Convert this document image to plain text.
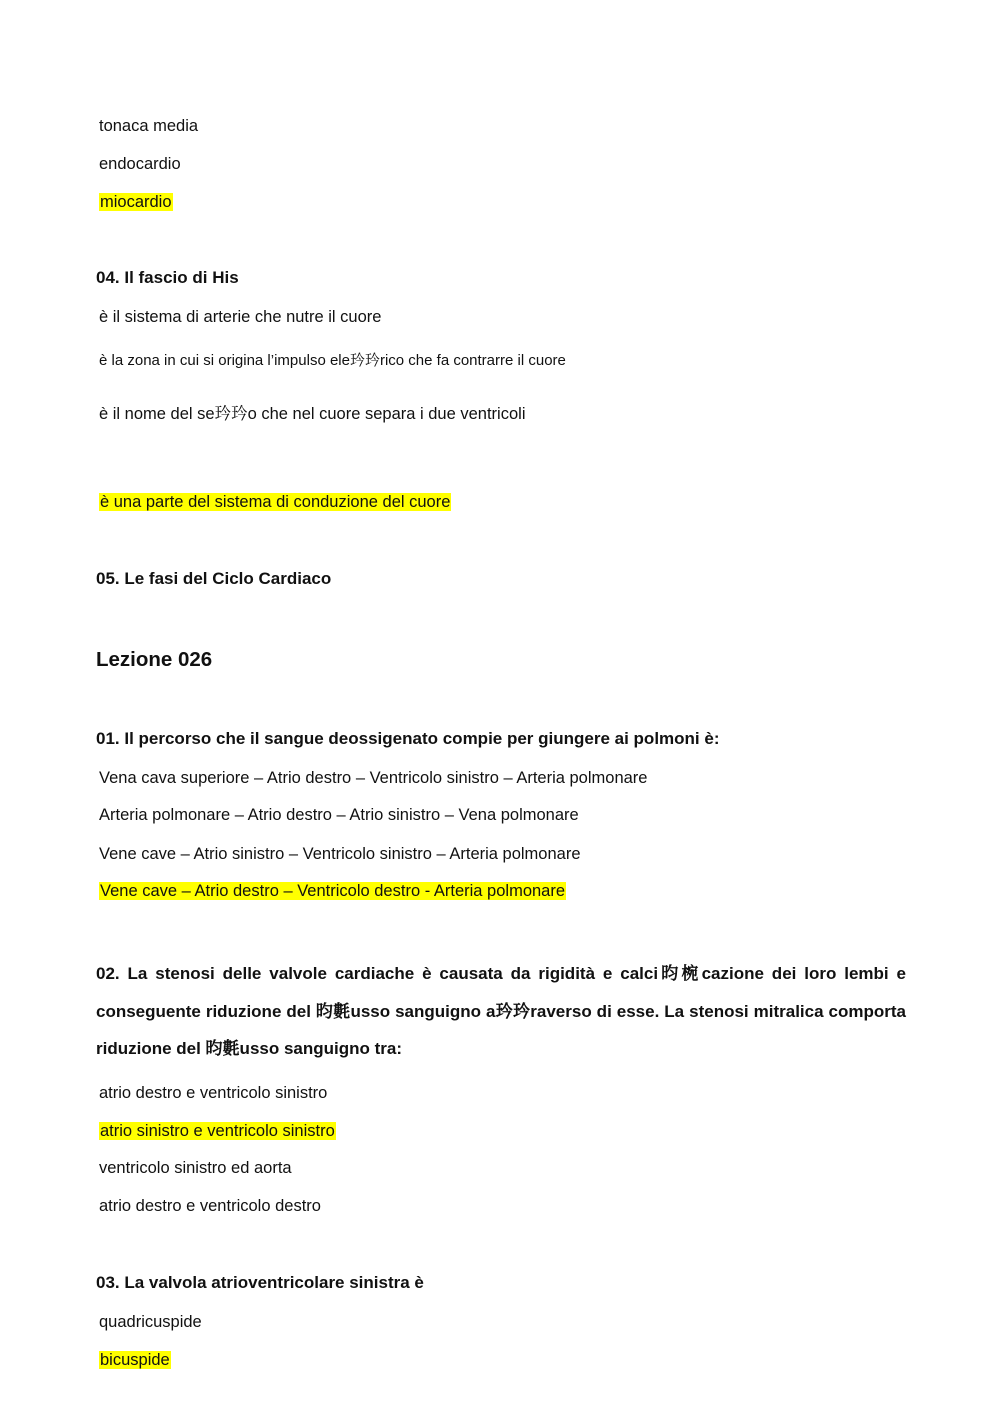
tonaca media
endocardio
miocardio
04. Il fascio di His
è il sistema di arterie che nutre il cuore
è la zona in cui si origina l’impulso ele玪玪rico che fa contrarre il cuore
è il nome del se玪玪o che nel cuore separa i due ventricoli
è una parte del sistema di conduzione del cuore
05. Le fasi del Ciclo Cardiaco
Lezione 026
01. Il percorso che il sangue deossigenato compie per giungere ai polmoni è:
Vena cava superiore – Atrio destro – Ventricolo sinistro – Arteria polmonare
Arteria polmonare – Atrio destro – Atrio sinistro – Vena polmonare
Vene cave – Atrio sinistro – Ventricolo sinistro – Arteria polmonare
Vene cave – Atrio destro – Ventricolo destro - Arteria polmonare
02. La stenosi delle valvole cardiache è causata da rigidità e calci昀椀cazione dei loro lembi e conseguente riduzione del 昀氀usso sanguigno a玪玪raverso di esse. La stenosi mitralica comporta riduzione del 昀氀usso sanguigno tra:
atrio destro e ventricolo sinistro
atrio sinistro e ventricolo sinistro
ventricolo sinistro ed aorta
atrio destro e ventricolo destro
03. La valvola atrioventricolare sinistra è
quadricuspide
bicuspide
